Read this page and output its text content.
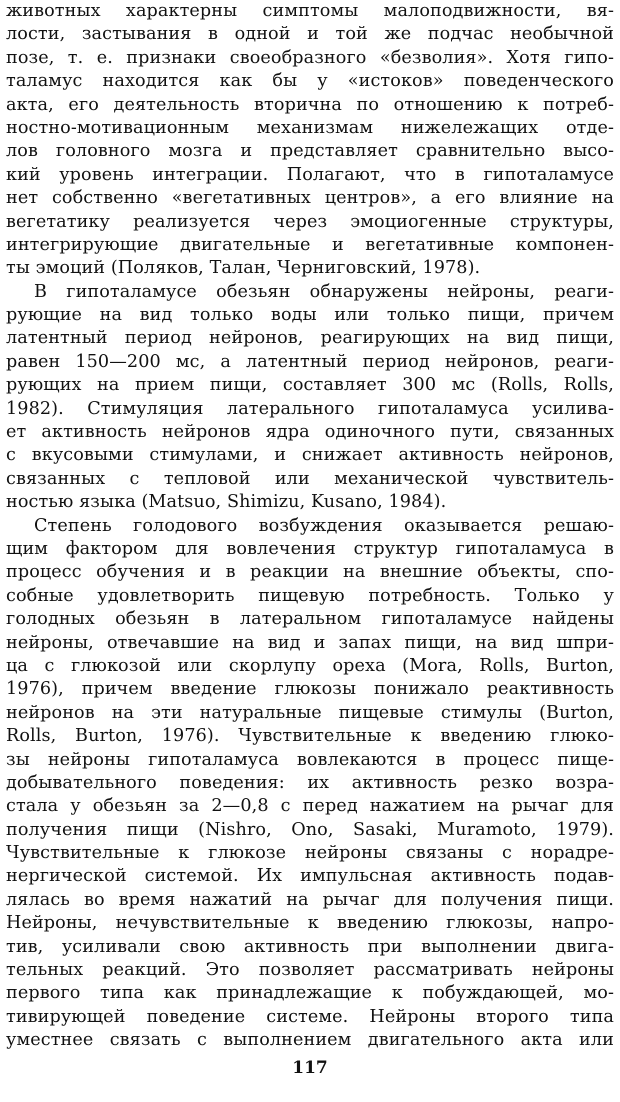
животных характерны симптомы малоподвижности, вя-
лости, застывания в одной и той же подчас необычной
позе, т. е. признаки своеобразного «безволия». Хотя гипо-
таламус находится как бы у «истоков» поведенческого
акта, его деятельность вторична по отношению к потреб-
ностно-мотивационным механизмам нижележащих отде-
лов головного мозга и представляет сравнительно высо-
кий уровень интеграции. Полагают, что в гипоталамусе
нет собственно «вегетативных центров», а его влияние на
вегетатику реализуется через эмоциогенные структуры,
интегрирующие двигательные и вегетативные компонен-
ты эмоций (Поляков, Талан, Черниговский, 1978).
В гипоталамусе обезьян обнаружены нейроны, реаги-
рующие на вид только воды или только пищи, причем
латентный период нейронов, реагирующих на вид пищи,
равен 150—200 мс, а латентный период нейронов, реаги-
рующих на прием пищи, составляет 300 мс (Rolls, Rolls,
1982). Стимуляция латерального гипоталамуса усилива-
ет активность нейронов ядра одиночного пути, связанных
с вкусовыми стимулами, и снижает активность нейронов,
связанных с тепловой или механической чувствитель-
ностью языка (Matsuo, Shimizu, Kusano, 1984).
Степень голодового возбуждения оказывается решаю-
щим фактором для вовлечения структур гипоталамуса в
процесс обучения и в реакции на внешние объекты, спо-
собные удовлетворить пищевую потребность. Только у
голодных обезьян в латеральном гипоталамусе найдены
нейроны, отвечавшие на вид и запах пищи, на вид шпри-
ца с глюкозой или скорлупу ореха (Mora, Rolls, Burton,
1976), причем введение глюкозы понижало реактивность
нейронов на эти натуральные пищевые стимулы (Burton,
Rolls, Burton, 1976). Чувствительные к введению глюко-
зы нейроны гипоталамуса вовлекаются в процесс пище-
добывательного поведения: их активность резко возра-
стала у обезьян за 2—0,8 с перед нажатием на рычаг для
получения пищи (Nishro, Ono, Sasaki, Muramoto, 1979).
Чувствительные к глюкозе нейроны связаны с норадре-
нергической системой. Их импульсная активность подав-
лялась во время нажатий на рычаг для получения пищи.
Нейроны, нечувствительные к введению глюкозы, напро-
тив, усиливали свою активность при выполнении двига-
тельных реакций. Это позволяет рассматривать нейроны
первого типа как принадлежащие к побуждающей, мо-
тивирующей поведение системе. Нейроны второго типа
уместнее связать с выполнением двигательного акта или
117
